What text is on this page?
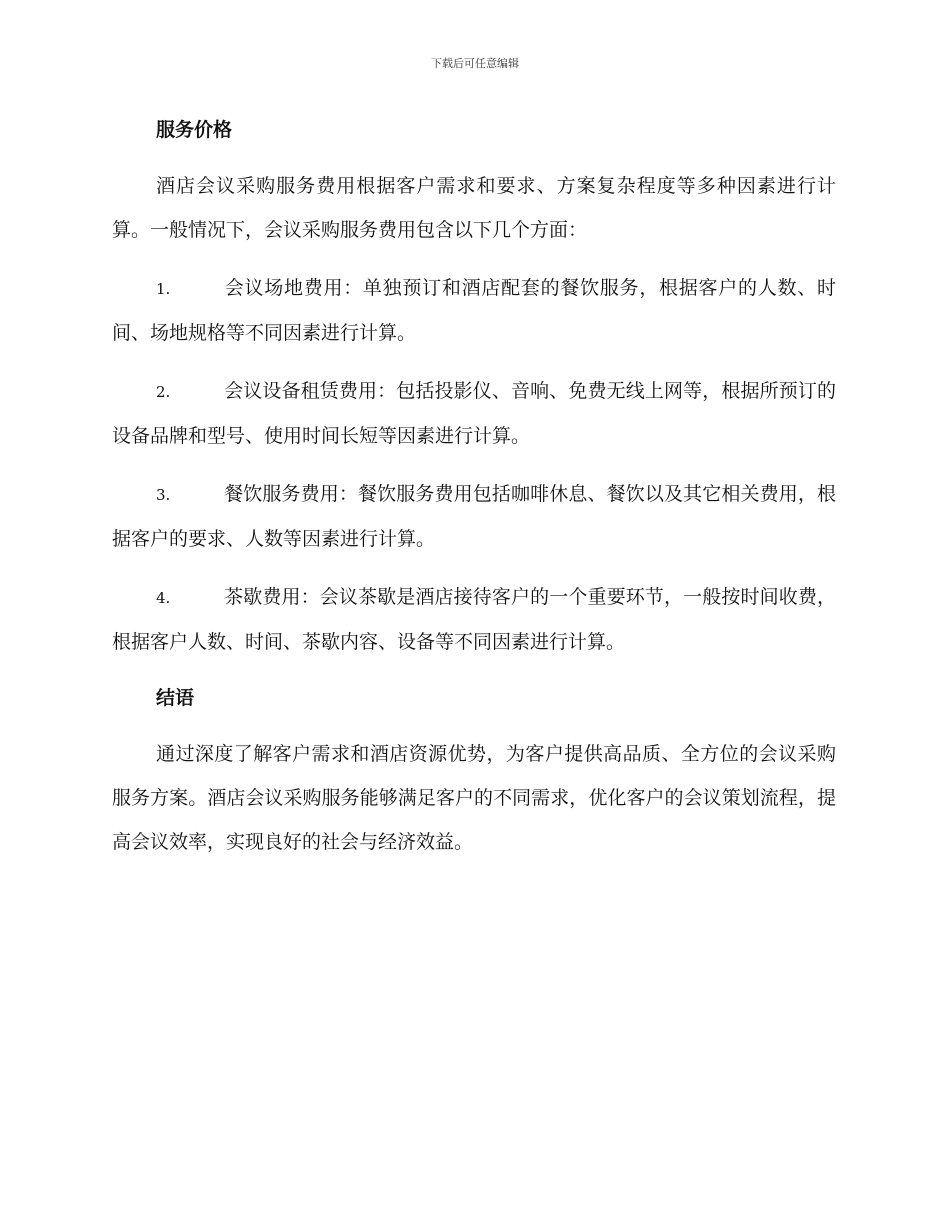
下载后可任意编辑
服务价格

酒店会议采购服务费用根据客户需求和要求、方案复杂程度等多种因素进行计算。一般情况下，会议采购服务费用包含以下几个方面：

1.	会议场地费用：单独预订和酒店配套的餐饮服务，根据客户的人数、时间、场地规格等不同因素进行计算。

2.	会议设备租赁费用：包括投影仪、音响、免费无线上网等，根据所预订的设备品牌和型号、使用时间长短等因素进行计算。

3.	餐饮服务费用：餐饮服务费用包括咖啡休息、餐饮以及其它相关费用，根据客户的要求、人数等因素进行计算。

4.	茶歇费用：会议茶歇是酒店接待客户的一个重要环节，一般按时间收费，根据客户人数、时间、茶歇内容、设备等不同因素进行计算。

结语

通过深度了解客户需求和酒店资源优势，为客户提供高品质、全方位的会议采购服务方案。酒店会议采购服务能够满足客户的不同需求，优化客户的会议策划流程，提高会议效率，实现良好的社会与经济效益。
